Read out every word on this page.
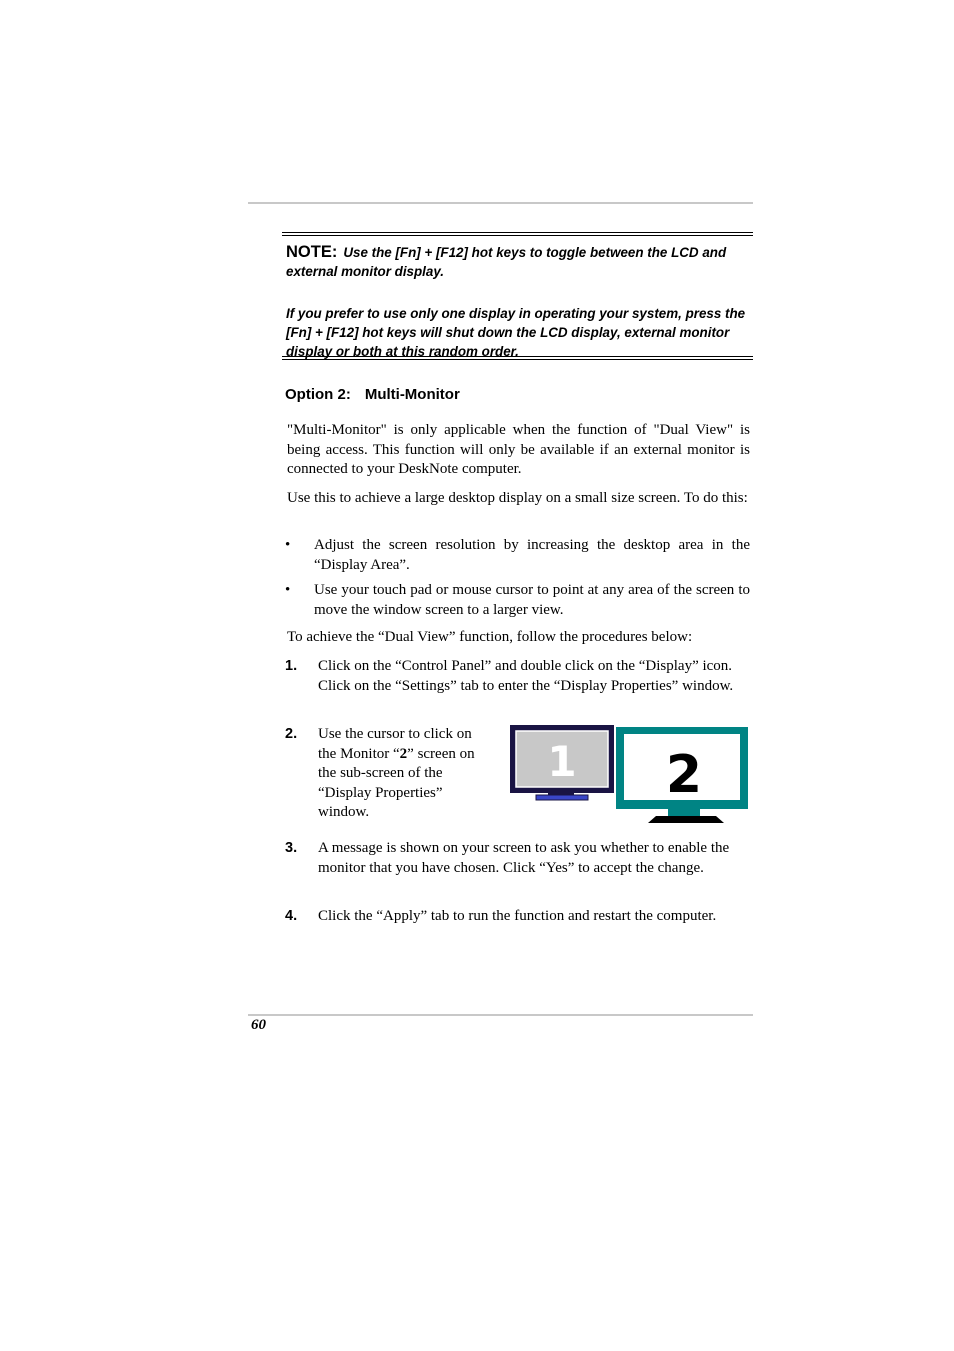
NOTE: Use the [Fn] + [F12] hot keys to toggle between the LCD and external monitor display.

If you prefer to use only one display in operating your system, press the [Fn] + [F12] hot keys will shut down the LCD display, external monitor display or both at this random order.

Option 2: Multi-Monitor

"Multi-Monitor" is only applicable when the function of "Dual View" is being access. This function will only be available if an external monitor is connected to your DeskNote computer.

Use this to achieve a large desktop display on a small size screen. To do this:

• Adjust the screen resolution by increasing the desktop area in the “Display Area”.
• Use your touch pad or mouse cursor to point at any area of the screen to move the window screen to a larger view.

To achieve the “Dual View” function, follow the procedures below:

1. Click on the “Control Panel” and double click on the “Display” icon. Click on the “Settings” tab to enter the “Display Properties” window.
2. Use the cursor to click on the Monitor “2” screen on the sub-screen of the “Display Properties” window.
1 2
3. A message is shown on your screen to ask you whether to enable the monitor that you have chosen. Click “Yes” to accept the change.
4. Click the “Apply” tab to run the function and restart the computer.
60
